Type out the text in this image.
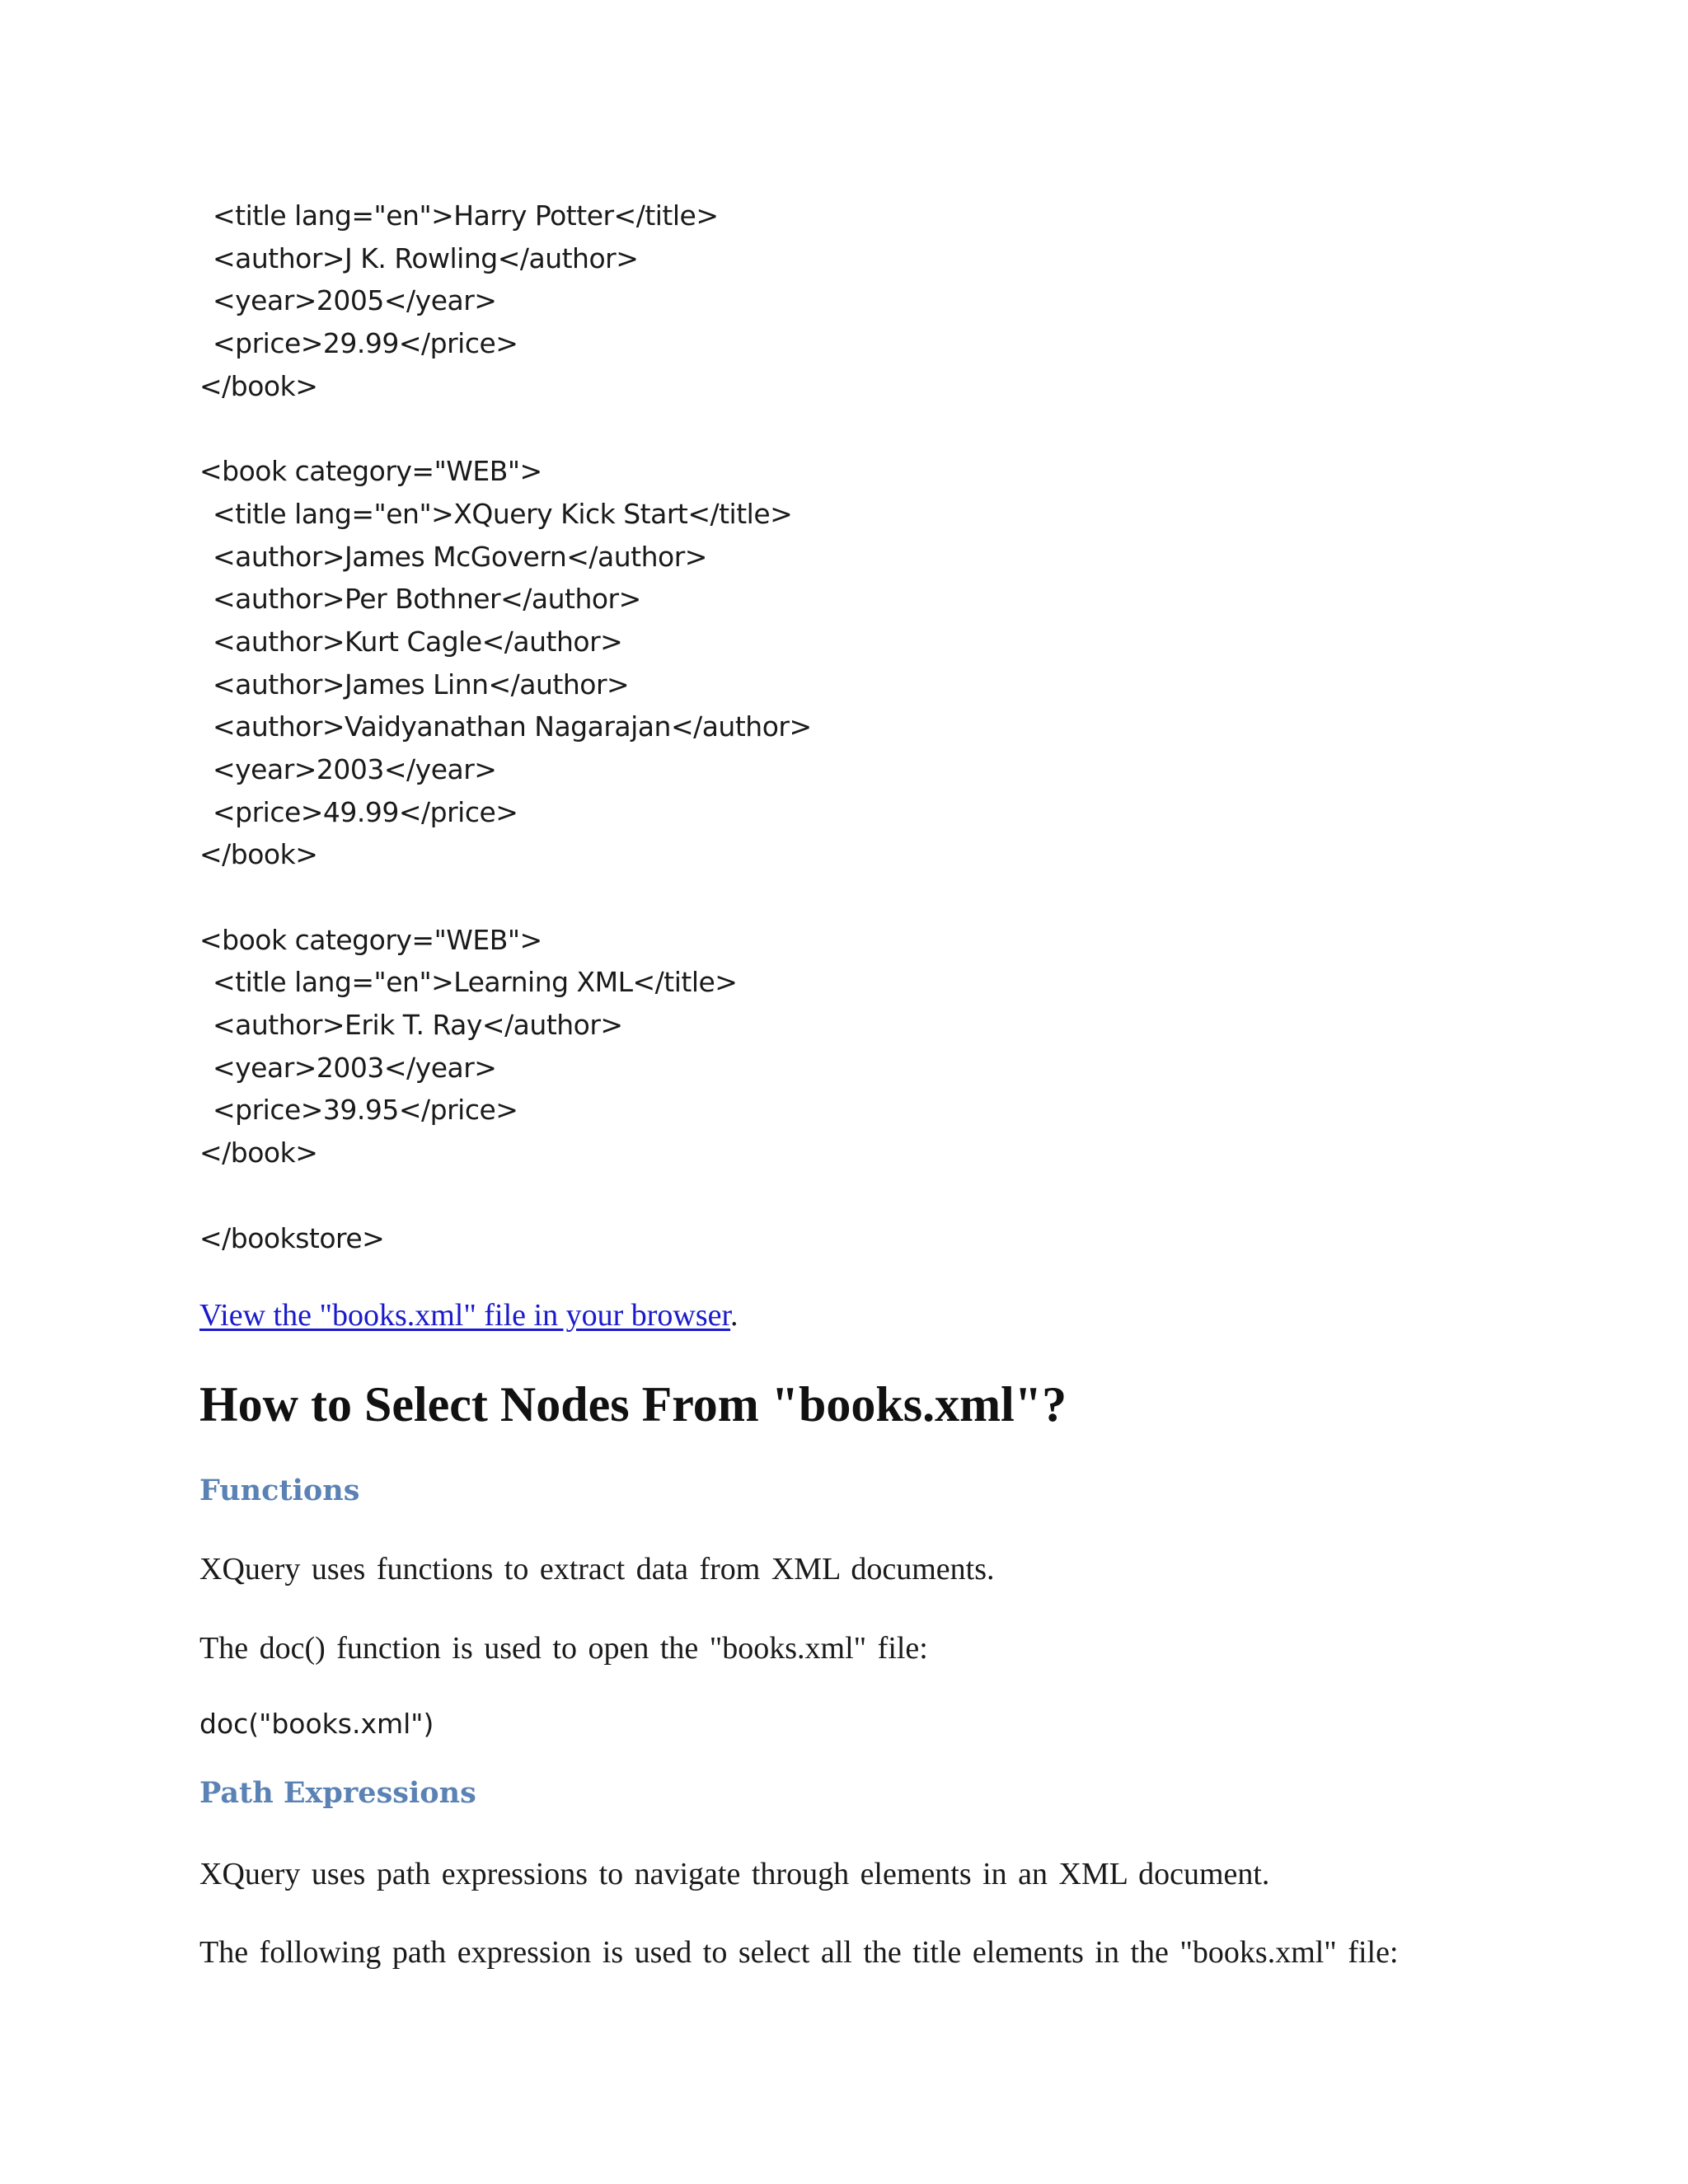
<title lang="en">Harry Potter</title>
<author>J K. Rowling</author>
<year>2005</year>
<price>29.99</price>
</book>
<book category="WEB">
<title lang="en">XQuery Kick Start</title>
<author>James McGovern</author>
<author>Per Bothner</author>
<author>Kurt Cagle</author>
<author>James Linn</author>
<author>Vaidyanathan Nagarajan</author>
<year>2003</year>
<price>49.99</price>
</book>
<book category="WEB">
<title lang="en">Learning XML</title>
<author>Erik T. Ray</author>
<year>2003</year>
<price>39.95</price>
</book>
</bookstore>
View the "books.xml" file in your browser.
How to Select Nodes From "books.xml"?
Functions

XQuery uses functions to extract data from XML documents.

The doc() function is used to open the "books.xml" file:

doc("books.xml")
Path Expressions

XQuery uses path expressions to navigate through elements in an XML document.

The following path expression is used to select all the title elements in the "books.xml" file:
